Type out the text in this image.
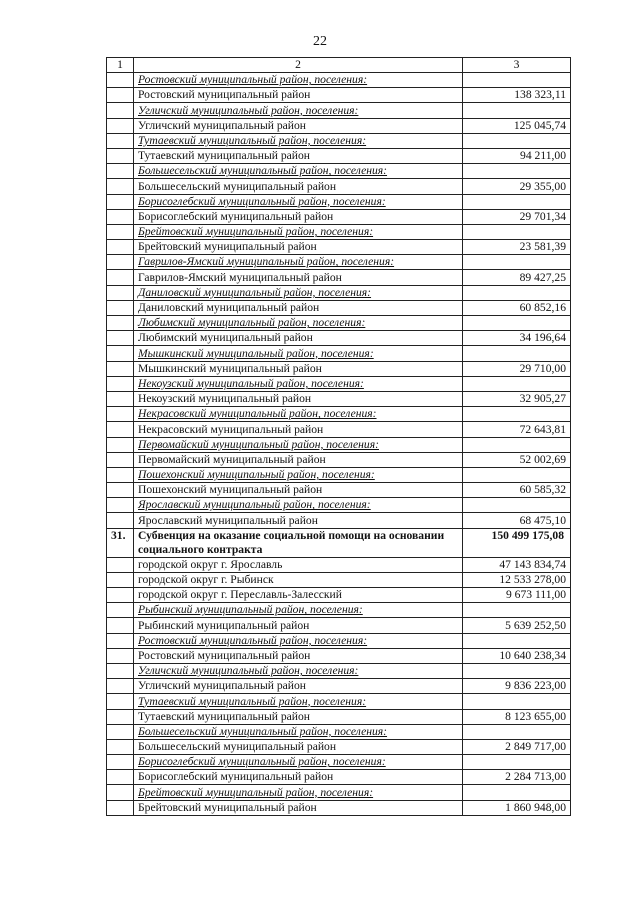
22
1	2	3
	Ростовский муниципальный район, поселения:	
	Ростовский муниципальный район	138 323,11
	Угличский муниципальный район, поселения:	
	Угличский муниципальный район	125 045,74
	Тутаевский муниципальный район, поселения:	
	Тутаевский муниципальный район	94 211,00
	Большесельский муниципальный район, поселения:	
	Большесельский муниципальный район	29 355,00
	Борисоглебский муниципальный район, поселения:	
	Борисоглебский муниципальный район	29 701,34
	Брейтовский муниципальный район, поселения:	
	Брейтовский муниципальный район	23 581,39
	Гаврилов-Ямский муниципальный район, поселения:	
	Гаврилов-Ямский муниципальный район	89 427,25
	Даниловский муниципальный район, поселения:	
	Даниловский муниципальный район	60 852,16
	Любимский муниципальный район, поселения:	
	Любимский муниципальный район	34 196,64
	Мышкинский муниципальный район, поселения:	
	Мышкинский муниципальный район	29 710,00
	Некоузский муниципальный район, поселения:	
	Некоузский муниципальный район	32 905,27
	Некрасовский муниципальный район, поселения:	
	Некрасовский муниципальный район	72 643,81
	Первомайский муниципальный район, поселения:	
	Первомайский муниципальный район	52 002,69
	Пошехонский муниципальный район, поселения:	
	Пошехонский муниципальный район	60 585,32
	Ярославский муниципальный район, поселения:	
	Ярославский муниципальный район	68 475,10
31.	Субвенция на оказание социальной помощи на основании социального контракта	150 499 175,08
	городской округ г. Ярославль	47 143 834,74
	городской округ г. Рыбинск	12 533 278,00
	городской округ г. Переславль-Залесский	9 673 111,00
	Рыбинский муниципальный район, поселения:	
	Рыбинский муниципальный район	5 639 252,50
	Ростовский муниципальный район, поселения:	
	Ростовский муниципальный район	10 640 238,34
	Угличский муниципальный район, поселения:	
	Угличский муниципальный район	9 836 223,00
	Тутаевский муниципальный район, поселения:	
	Тутаевский муниципальный район	8 123 655,00
	Большесельский муниципальный район, поселения:	
	Большесельский муниципальный район	2 849 717,00
	Борисоглебский муниципальный район, поселения:	
	Борисоглебский муниципальный район	2 284 713,00
	Брейтовский муниципальный район, поселения:	
	Брейтовский муниципальный район	1 860 948,00
